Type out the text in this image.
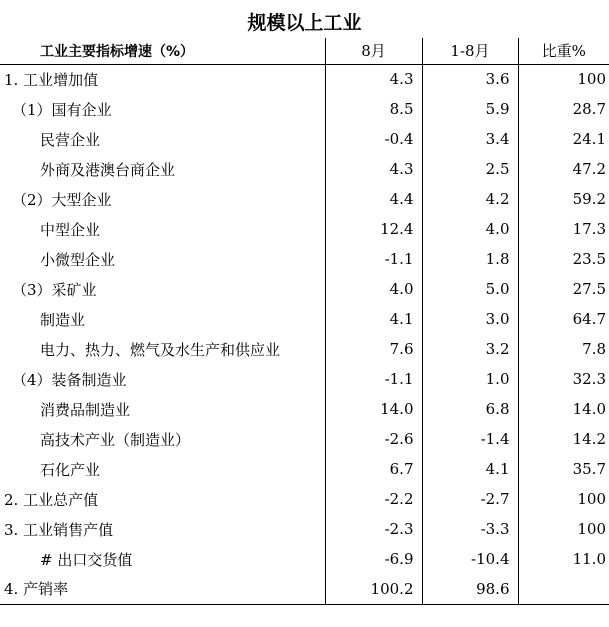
规模以上工业
工业主要指标增速（%）	8月	1-8月	比重%
1. 工业增加值	4.3	3.6	100
（1）国有企业	8.5	5.9	28.7
民营企业	-0.4	3.4	24.1
外商及港澳台商企业	4.3	2.5	47.2
（2）大型企业	4.4	4.2	59.2
中型企业	12.4	4.0	17.3
小微型企业	-1.1	1.8	23.5
（3）采矿业	4.0	5.0	27.5
制造业	4.1	3.0	64.7
电力、热力、燃气及水生产和供应业	7.6	3.2	7.8
（4）装备制造业	-1.1	1.0	32.3
消费品制造业	14.0	6.8	14.0
高技术产业（制造业）	-2.6	-1.4	14.2
石化产业	6.7	4.1	35.7
2. 工业总产值	-2.2	-2.7	100
3. 工业销售产值	-2.3	-3.3	100
# 出口交货值	-6.9	-10.4	11.0
4. 产销率	100.2	98.6	
